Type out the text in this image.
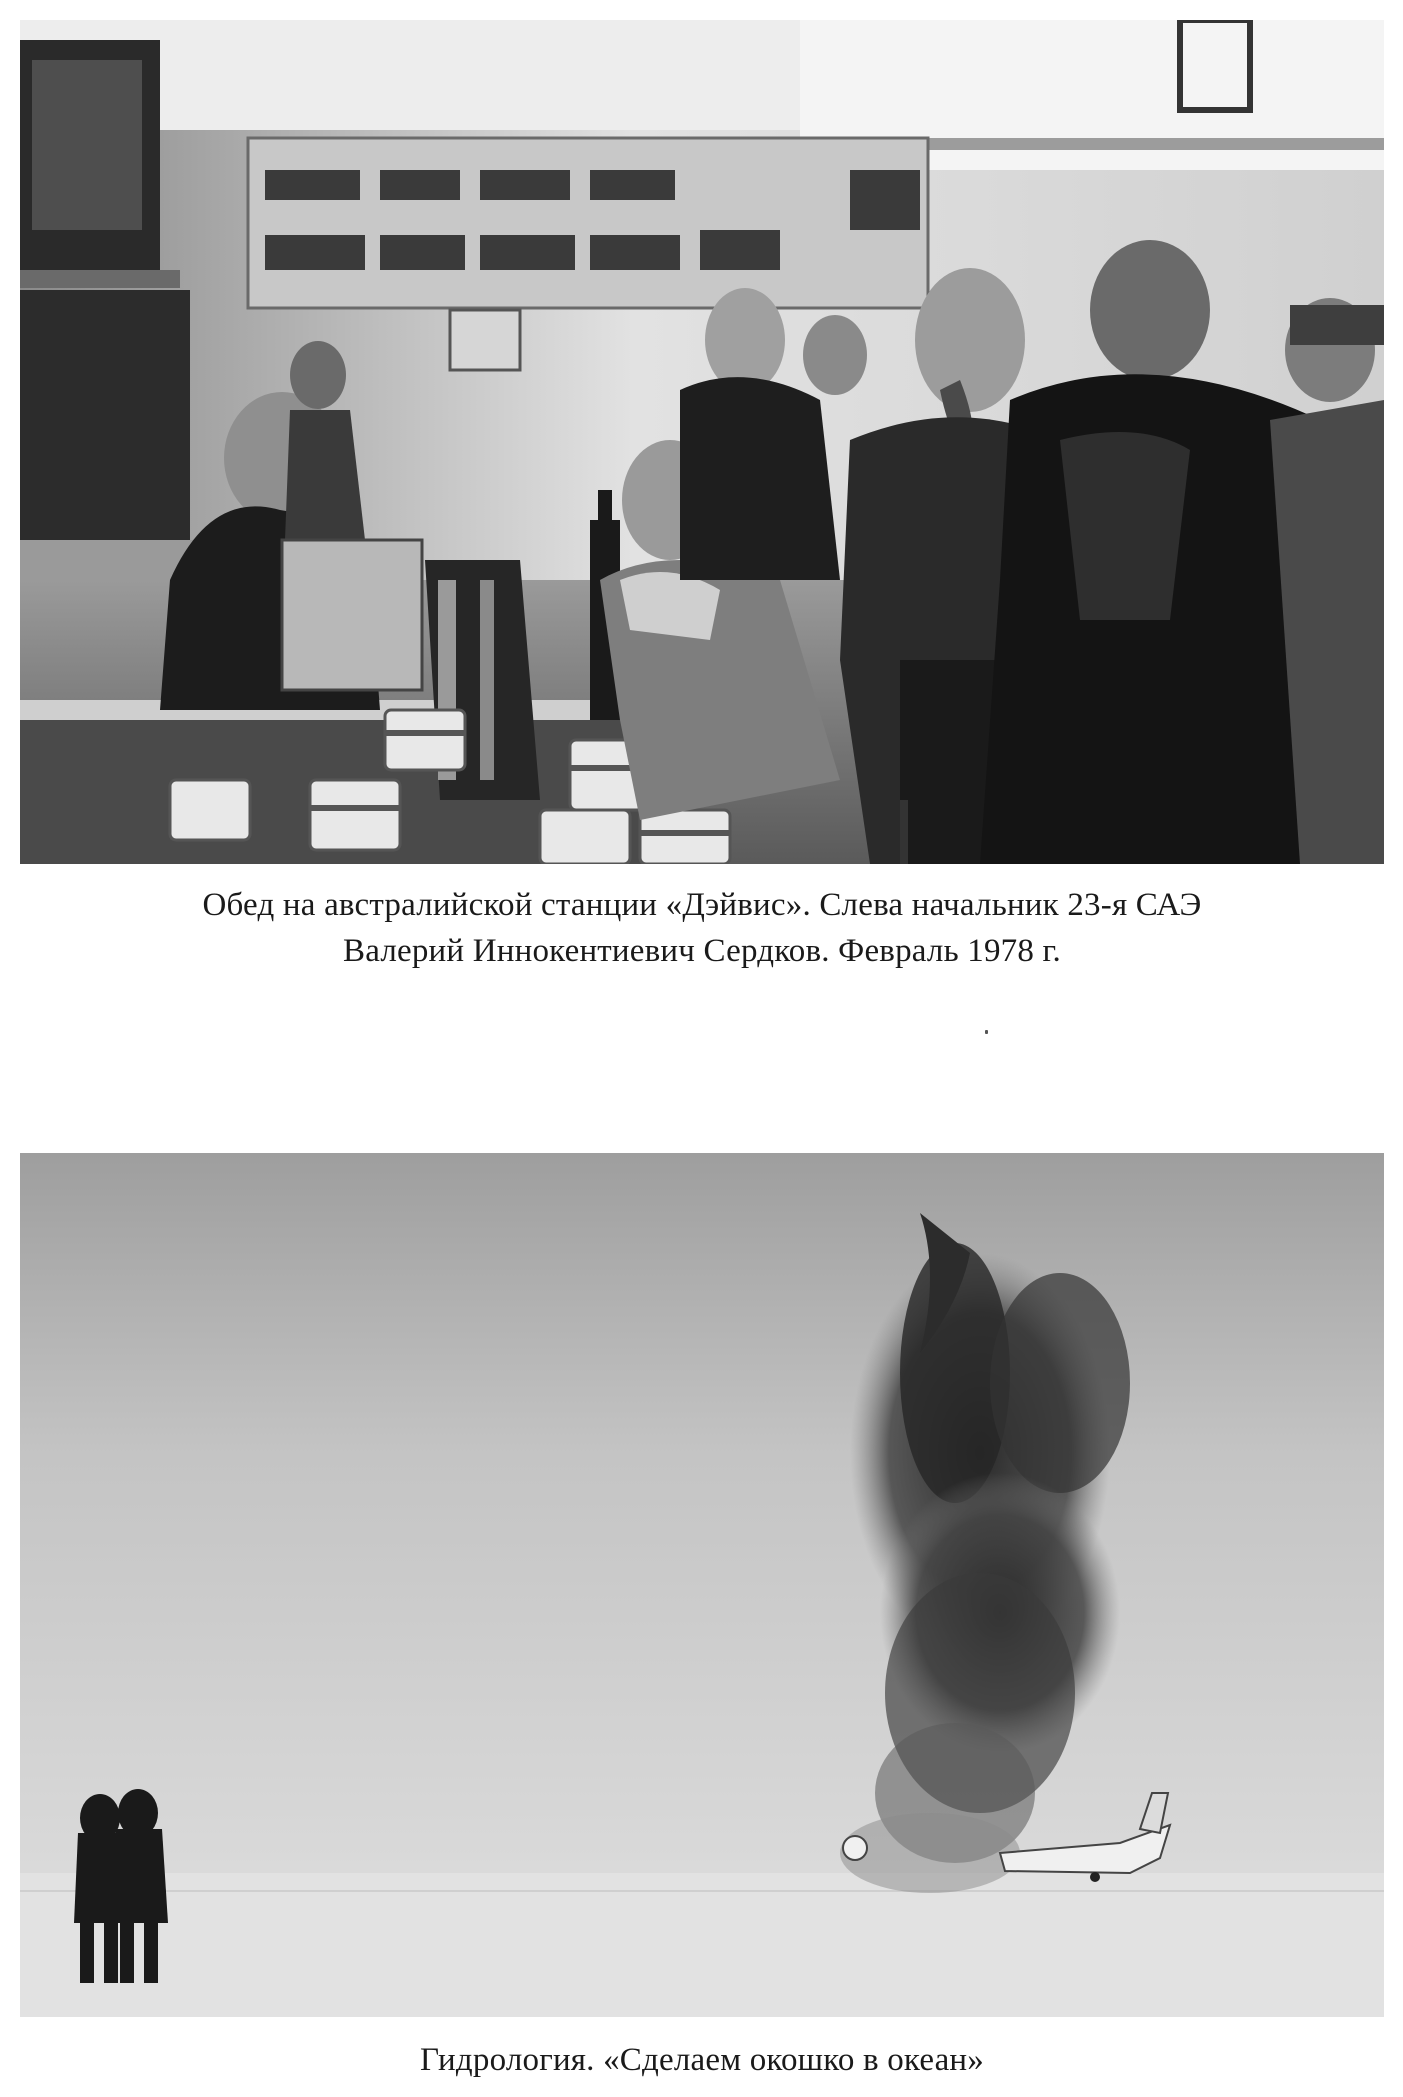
Обед на австралийской станции «Дэйвис». Слева начальник 23-я САЭ
Валерий Иннокентиевич Сердков. Февраль 1978 г.
Гидрология. «Сделаем окошко в океан»
